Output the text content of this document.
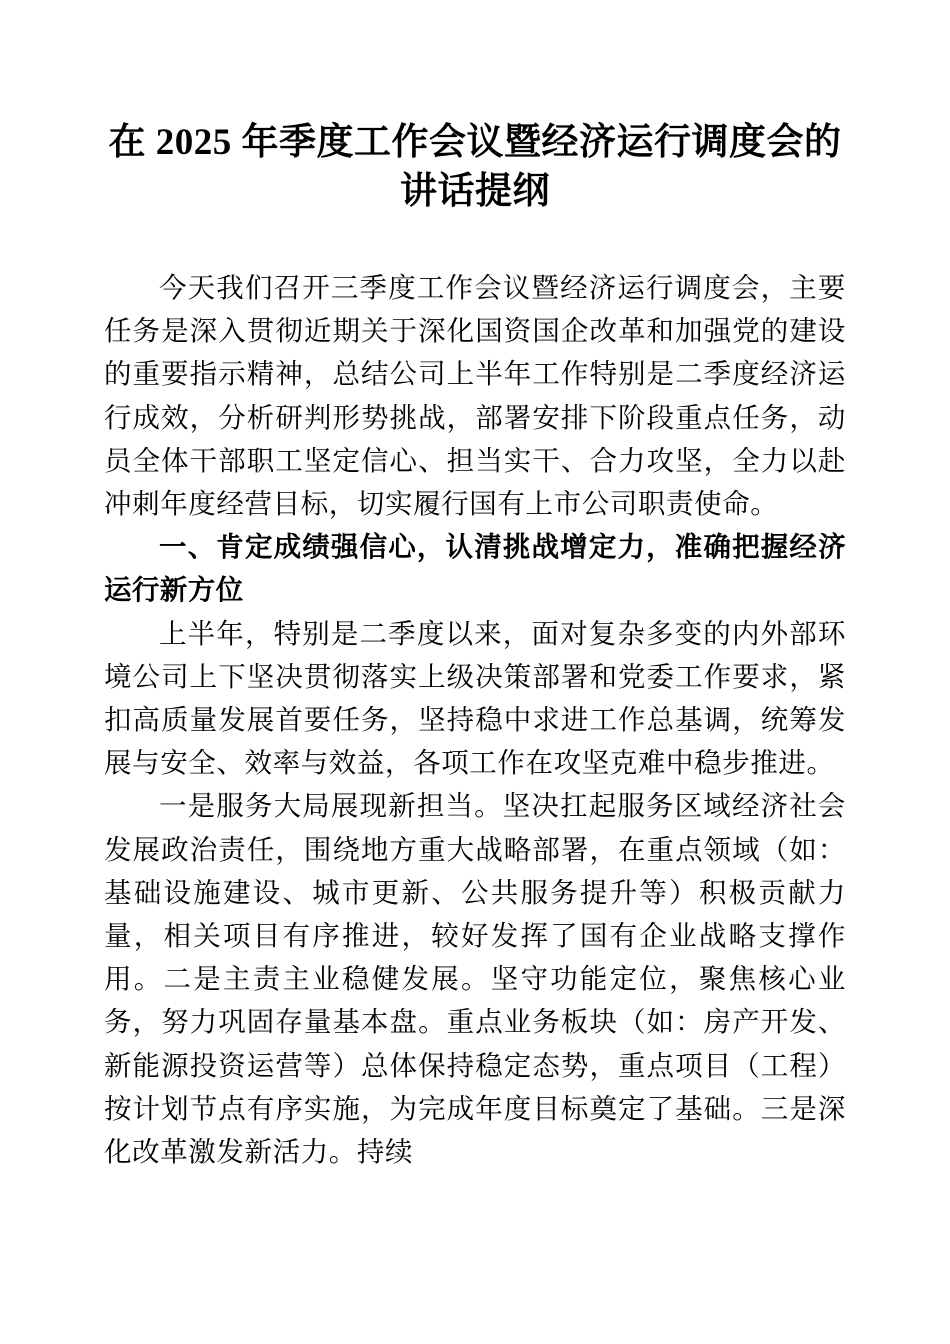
在 2025 年季度工作会议暨经济运行调度会的
讲话提纲

今天我们召开三季度工作会议暨经济运行调度会，主要任务是深入贯彻近期关于深化国资国企改革和加强党的建设的重要指示精神，总结公司上半年工作特别是二季度经济运行成效，分析研判形势挑战，部署安排下阶段重点任务，动员全体干部职工坚定信心、担当实干、合力攻坚，全力以赴冲刺年度经营目标，切实履行国有上市公司职责使命。

一、肯定成绩强信心，认清挑战增定力，准确把握经济运行新方位

上半年，特别是二季度以来，面对复杂多变的内外部环境公司上下坚决贯彻落实上级决策部署和党委工作要求，紧扣高质量发展首要任务，坚持稳中求进工作总基调，统筹发展与安全、效率与效益，各项工作在攻坚克难中稳步推进。

一是服务大局展现新担当。坚决扛起服务区域经济社会发展政治责任，围绕地方重大战略部署，在重点领域（如：基础设施建设、城市更新、公共服务提升等）积极贡献力量，相关项目有序推进，较好发挥了国有企业战略支撑作用。二是主责主业稳健发展。坚守功能定位，聚焦核心业务，努力巩固存量基本盘。重点业务板块（如：房产开发、新能源投资运营等）总体保持稳定态势，重点项目（工程）按计划节点有序实施，为完成年度目标奠定了基础。三是深化改革激发新活力。持续
